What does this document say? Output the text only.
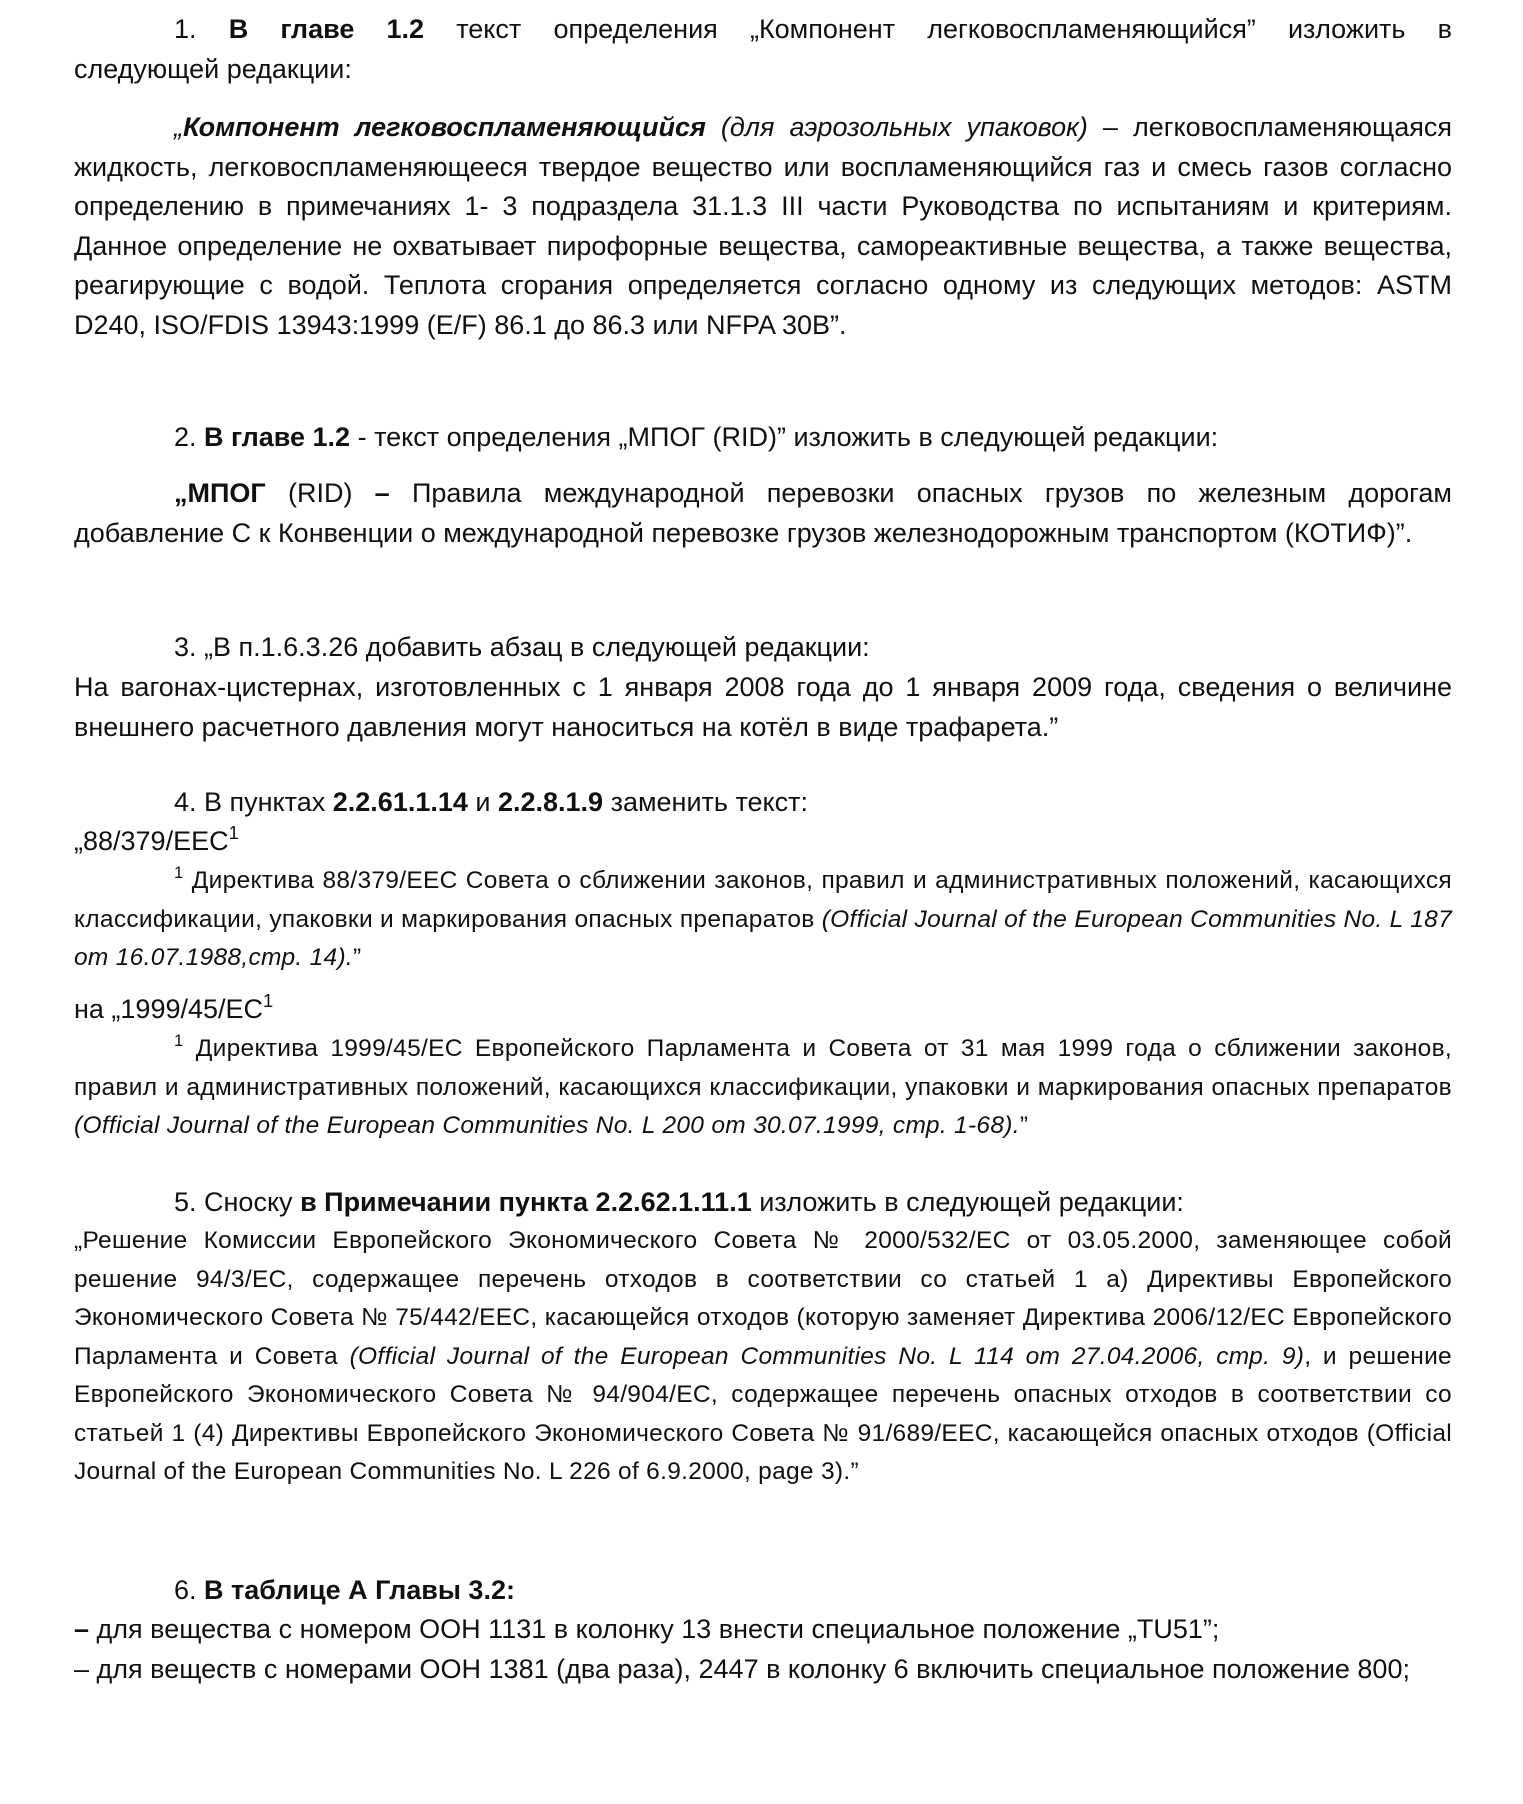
1. В главе 1.2 текст определения „Компонент легковоспламеняющийся” изложить в

следующей редакции:

„Компонент легковоспламеняющийся (для аэрозольных упаковок) – легковоспламеняющаяся жидкость, легковоспламеняющееся твердое вещество или воспламеняющийся газ и смесь газов согласно определению в примечаниях 1- 3 подраздела 31.1.3 III части Руководства по испытаниям и критериям. Данное определение не охватывает пирофорные вещества, самореактивные вещества, а также вещества, реагирующие с водой. Теплота сгорания определяется согласно одному из следующих методов: ASTM D240, ISO/FDIS 13943:1999 (E/F) 86.1 до 86.3 или NFPA 30B”.

2. В главе 1.2 - текст определения „МПОГ (RID)” изложить в следующей редакции:

„МПОГ (RID) – Правила международной перевозки опасных грузов по железным дорогам добавление С к Конвенции о международной перевозке грузов железнодорожным транспортом (КОТИФ)”.

3. „В п.1.6.3.26 добавить абзац в следующей редакции:

На вагонах-цистернах, изготовленных с 1 января 2008 года до 1 января 2009 года, сведения о величине внешнего расчетного давления могут наноситься на котёл в виде трафарета.”

4. В пунктах 2.2.61.1.14 и 2.2.8.1.9 заменить текст:

„88/379/ЕЕС$^1$

$^1$ Директива 88/379/ЕЕС Совета о сближении законов, правил и административных положений, касающихся классификации, упаковки и маркирования опасных препаратов (Official Journal of the European Communities No. L 187 от 16.07.1988,стр. 14).”

на $„1999/45/ЕС^1$

$^1$ Директива 1999/45/ЕС Европейского Парламента и Совета от 31 мая 1999 года о сближении законов, правил и административных положений, касающихся классификации, упаковки и маркирования опасных препаратов (Official Journal of the European Communities No. L 200 от 30.07.1999, стр. 1-68).”

5. Сноску в Примечании пункта 2.2.62.1.11.1 изложить в следующей редакции:

„Решение Комиссии Европейского Экономического Совета № 2000/532/ЕС от 03.05.2000, заменяющее собой решение 94/3/ЕС, содержащее перечень отходов в соответствии со статьей 1 а) Директивы Европейского Экономического Совета № 75/442/ЕЕС, касающейся отходов (которую заменяет Директива 2006/12/ЕС Европейского Парламента и Совета (Official Journal of the European Communities No. L 114 от 27.04.2006, стр. 9), и решение Европейского Экономического Совета № 94/904/ЕС, содержащее перечень опасных отходов в соответствии со статьей 1 (4) Директивы Европейского Экономического Совета № 91/689/ЕЕС, касающейся опасных отходов (Official Journal of the European Communities No. L 226 of 6.9.2000, page 3).”

6. В таблице А Главы 3.2:

– для вещества с номером ООН 1131 в колонку 13 внести специальное положение „TU51”;

– для веществ с номерами ООН 1381 (два раза), 2447 в колонку 6 включить специальное положение 800;
